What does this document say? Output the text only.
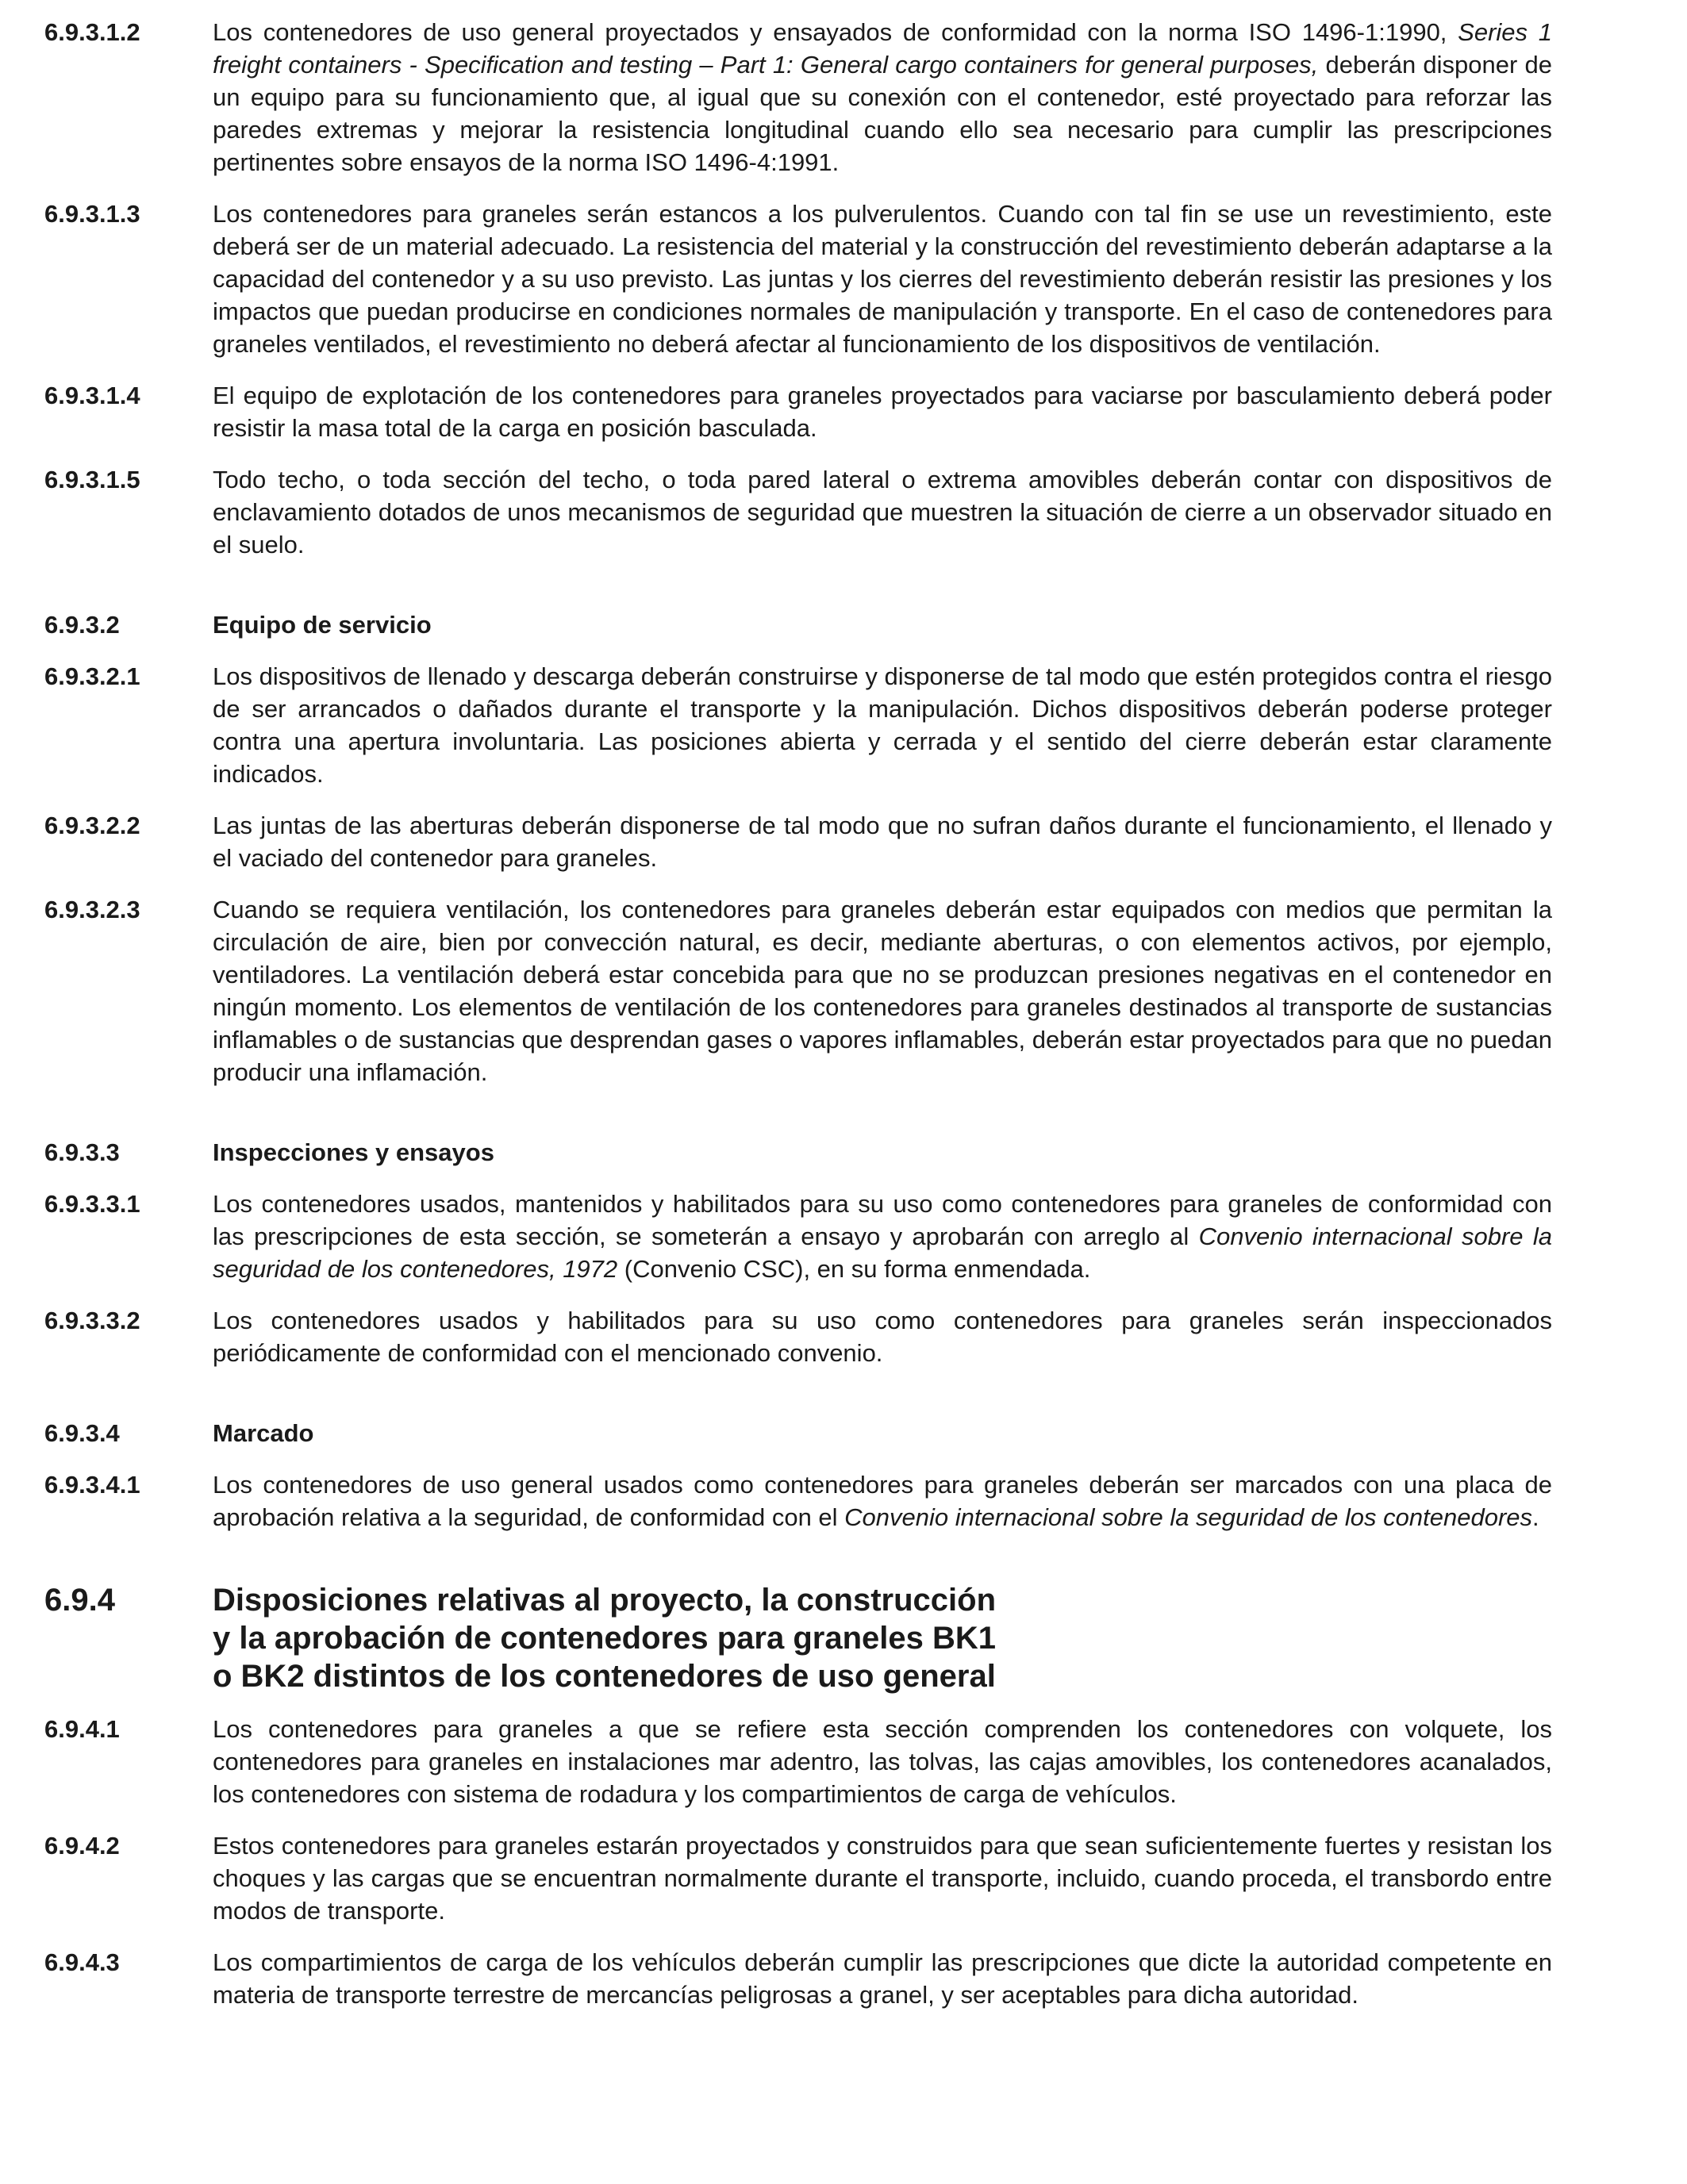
6.9.3.1.2	Los contenedores de uso general proyectados y ensayados de conformidad con la norma ISO 1496-1:1990, Series 1 freight containers - Specification and testing – Part 1: General cargo containers for general purposes, deberán disponer de un equipo para su funcionamiento que, al igual que su conexión con el contenedor, esté proyectado para reforzar las paredes extremas y mejorar la resistencia longitudinal cuando ello sea necesario para cumplir las prescripciones pertinentes sobre ensayos de la norma ISO 1496-4:1991.
6.9.3.1.3	Los contenedores para graneles serán estancos a los pulverulentos. Cuando con tal fin se use un revestimiento, este deberá ser de un material adecuado. La resistencia del material y la construcción del revestimiento deberán adaptarse a la capacidad del contenedor y a su uso previsto. Las juntas y los cierres del revestimiento deberán resistir las presiones y los impactos que puedan producirse en condiciones normales de manipulación y transporte. En el caso de contenedores para graneles ventilados, el revestimiento no deberá afectar al funcionamiento de los dispositivos de ventilación.
6.9.3.1.4	El equipo de explotación de los contenedores para graneles proyectados para vaciarse por basculamiento deberá poder resistir la masa total de la carga en posición basculada.
6.9.3.1.5	Todo techo, o toda sección del techo, o toda pared lateral o extrema amovibles deberán contar con dispositivos de enclavamiento dotados de unos mecanismos de seguridad que muestren la situación de cierre a un observador situado en el suelo.
6.9.3.2	Equipo de servicio
6.9.3.2.1	Los dispositivos de llenado y descarga deberán construirse y disponerse de tal modo que estén protegidos contra el riesgo de ser arrancados o dañados durante el transporte y la manipulación. Dichos dispositivos deberán poderse proteger contra una apertura involuntaria. Las posiciones abierta y cerrada y el sentido del cierre deberán estar claramente indicados.
6.9.3.2.2	Las juntas de las aberturas deberán disponerse de tal modo que no sufran daños durante el funcionamiento, el llenado y el vaciado del contenedor para graneles.
6.9.3.2.3	Cuando se requiera ventilación, los contenedores para graneles deberán estar equipados con medios que permitan la circulación de aire, bien por convección natural, es decir, mediante aberturas, o con elementos activos, por ejemplo, ventiladores. La ventilación deberá estar concebida para que no se produzcan presiones negativas en el contenedor en ningún momento. Los elementos de ventilación de los contenedores para graneles destinados al transporte de sustancias inflamables o de sustancias que desprendan gases o vapores inflamables, deberán estar proyectados para que no puedan producir una inflamación.
6.9.3.3	Inspecciones y ensayos
6.9.3.3.1	Los contenedores usados, mantenidos y habilitados para su uso como contenedores para graneles de conformidad con las prescripciones de esta sección, se someterán a ensayo y aprobarán con arreglo al Convenio internacional sobre la seguridad de los contenedores, 1972 (Convenio CSC), en su forma enmendada.
6.9.3.3.2	Los contenedores usados y habilitados para su uso como contenedores para graneles serán inspeccionados periódicamente de conformidad con el mencionado convenio.
6.9.3.4	Marcado
6.9.3.4.1	Los contenedores de uso general usados como contenedores para graneles deberán ser marcados con una placa de aprobación relativa a la seguridad, de conformidad con el Convenio internacional sobre la seguridad de los contenedores.
6.9.4	Disposiciones relativas al proyecto, la construcción
y la aprobación de contenedores para graneles BK1
o BK2 distintos de los contenedores de uso general
6.9.4.1	Los contenedores para graneles a que se refiere esta sección comprenden los contenedores con volquete, los contenedores para graneles en instalaciones mar adentro, las tolvas, las cajas amovibles, los contenedores acanalados, los contenedores con sistema de rodadura y los compartimientos de carga de vehículos.
6.9.4.2	Estos contenedores para graneles estarán proyectados y construidos para que sean suficientemente fuertes y resistan los choques y las cargas que se encuentran normalmente durante el transporte, incluido, cuando proceda, el transbordo entre modos de transporte.
6.9.4.3	Los compartimientos de carga de los vehículos deberán cumplir las prescripciones que dicte la autoridad competente en materia de transporte terrestre de mercancías peligrosas a granel, y ser aceptables para dicha autoridad.
